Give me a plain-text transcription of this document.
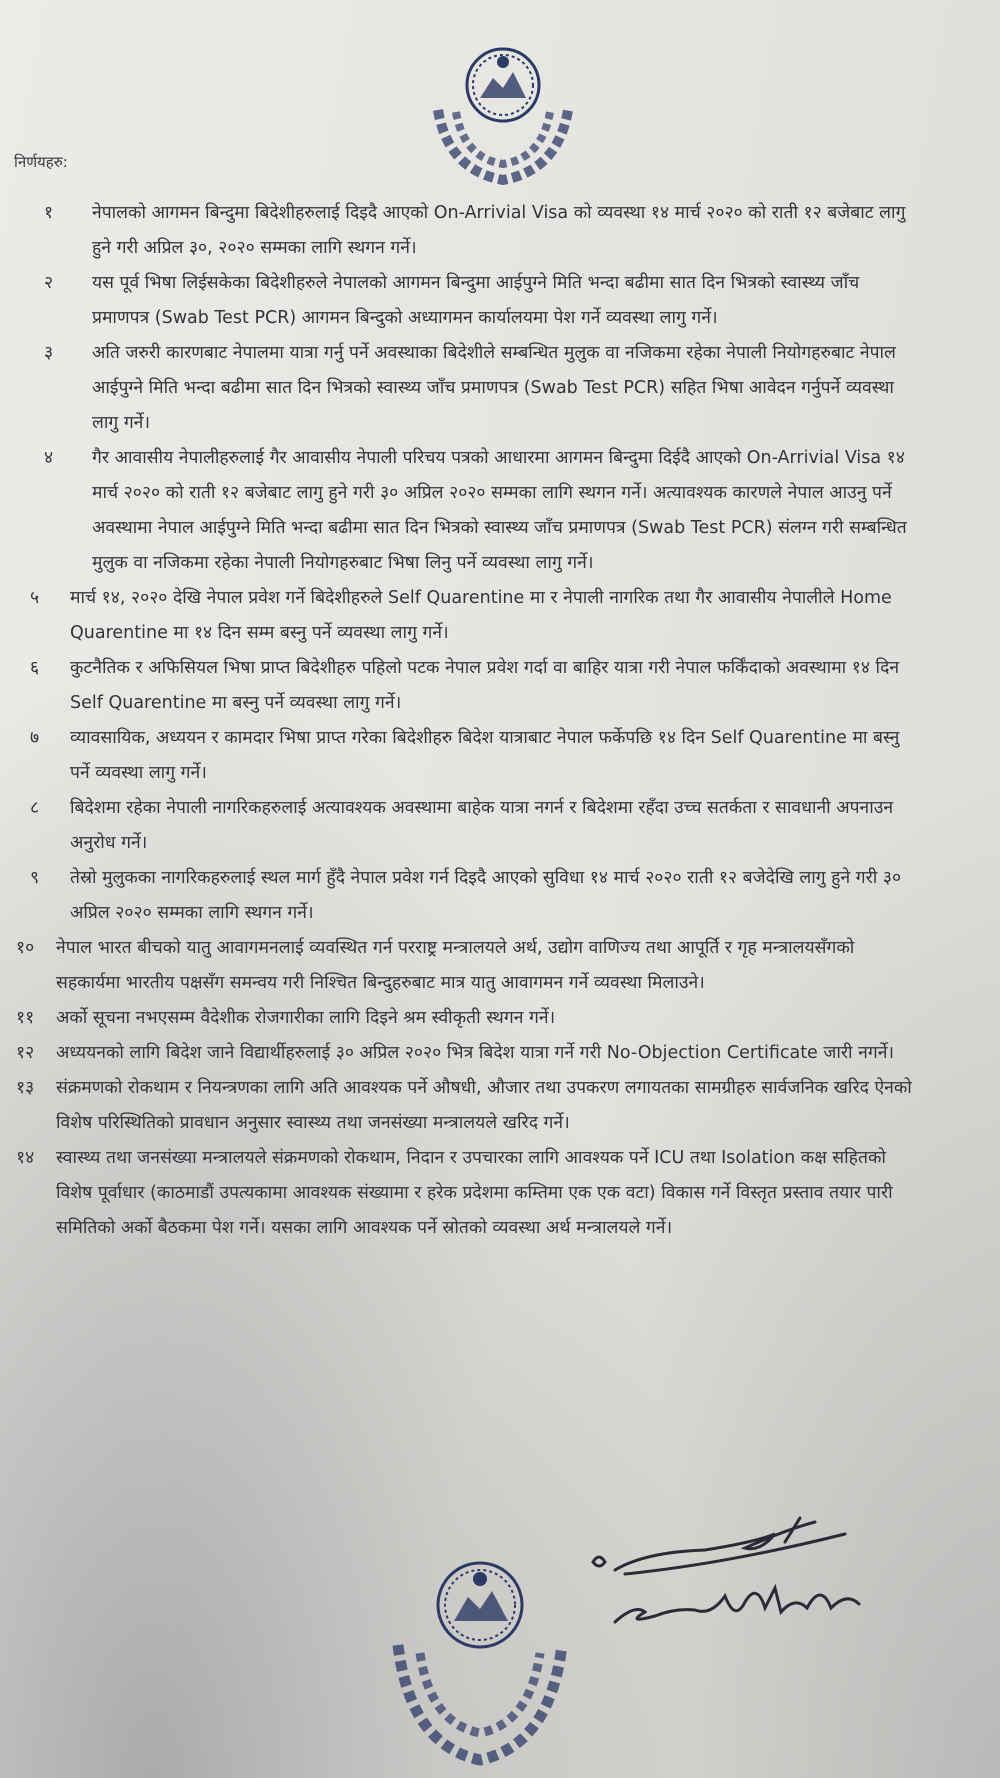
निर्णयहरु:
१	नेपालको आगमन बिन्दुमा बिदेशीहरुलाई दिइदै आएको On-Arrivial Visa को व्यवस्था १४ मार्च २०२० को राती १२ बजेबाट लागु हुने गरी अप्रिल ३०, २०२० सम्मका लागि स्थगन गर्ने।
२	यस पूर्व भिषा लिईसकेका बिदेशीहरुले नेपालको आगमन बिन्दुमा आईपुग्ने मिति भन्दा बढीमा सात दिन भित्रको स्वास्थ्य जाँच प्रमाणपत्र (Swab Test PCR) आगमन बिन्दुको अध्यागमन कार्यालयमा पेश गर्ने व्यवस्था लागु गर्ने।
३	अति जरुरी कारणबाट नेपालमा यात्रा गर्नु पर्ने अवस्थाका बिदेशीले सम्बन्धित मुलुक वा नजिकमा रहेका नेपाली नियोगहरुबाट नेपाल आईपुग्ने मिति भन्दा बढीमा सात दिन भित्रको स्वास्थ्य जाँच प्रमाणपत्र (Swab Test PCR) सहित भिषा आवेदन गर्नुपर्ने व्यवस्था लागु गर्ने।
४	गैर आवासीय नेपालीहरुलाई गैर आवासीय नेपाली परिचय पत्रको आधारमा आगमन बिन्दुमा दिईदै आएको On-Arrivial Visa १४ मार्च २०२० को राती १२ बजेबाट लागु हुने गरी ३० अप्रिल २०२० सम्मका लागि स्थगन गर्ने। अत्यावश्यक कारणले नेपाल आउनु पर्ने अवस्थामा नेपाल आईपुग्ने मिति भन्दा बढीमा सात दिन भित्रको स्वास्थ्य जाँच प्रमाणपत्र (Swab Test PCR) संलग्न गरी सम्बन्धित मुलुक वा नजिकमा रहेका नेपाली नियोगहरुबाट भिषा लिनु पर्ने व्यवस्था लागु गर्ने।
५	मार्च १४, २०२० देखि नेपाल प्रवेश गर्ने बिदेशीहरुले Self Quarentine मा र नेपाली नागरिक तथा गैर आवासीय नेपालीले Home Quarentine मा १४ दिन सम्म बस्नु पर्ने व्यवस्था लागु गर्ने।
६	कुटनैतिक र अफिसियल भिषा प्राप्त बिदेशीहरु पहिलो पटक नेपाल प्रवेश गर्दा वा बाहिर यात्रा गरी नेपाल फर्किंदाको अवस्थामा १४ दिन Self Quarentine मा बस्नु पर्ने व्यवस्था लागु गर्ने।
७	व्यावसायिक, अध्ययन र कामदार भिषा प्राप्त गरेका बिदेशीहरु बिदेश यात्राबाट नेपाल फर्केपछि १४ दिन Self Quarentine मा बस्नु पर्ने व्यवस्था लागु गर्ने।
८	बिदेशमा रहेका नेपाली नागरिकहरुलाई अत्यावश्यक अवस्थामा बाहेक यात्रा नगर्न र बिदेशमा रहँदा उच्च सतर्कता र सावधानी अपनाउन अनुरोध गर्ने।
९	तेस्रो मुलुकका नागरिकहरुलाई स्थल मार्ग हुँदै नेपाल प्रवेश गर्न दिइदै आएको सुविधा १४ मार्च २०२० राती १२ बजेदेखि लागु हुने गरी ३० अप्रिल २०२० सम्मका लागि स्थगन गर्ने।
१०	नेपाल भारत बीचको यातु आवागमनलाई व्यवस्थित गर्न परराष्ट्र मन्त्रालयले अर्थ, उद्योग वाणिज्य तथा आपूर्ति र गृह मन्त्रालयसँगको सहकार्यमा भारतीय पक्षसँग समन्वय गरी निश्चित बिन्दुहरुबाट मात्र यातु आवागमन गर्ने व्यवस्था मिलाउने।
११	अर्को सूचना नभएसम्म वैदेशीक रोजगारीका लागि दिइने श्रम स्वीकृती स्थगन गर्ने।
१२	अध्ययनको लागि बिदेश जाने विद्यार्थीहरुलाई ३० अप्रिल २०२० भित्र बिदेश यात्रा गर्ने गरी No-Objection Certificate जारी नगर्ने।
१३	संक्रमणको रोकथाम र नियन्त्रणका लागि अति आवश्यक पर्ने औषधी, औजार तथा उपकरण लगायतका सामग्रीहरु सार्वजनिक खरिद ऐनको विशेष परिस्थितिको प्रावधान अनुसार स्वास्थ्य तथा जनसंख्या मन्त्रालयले खरिद गर्ने।
१४	स्वास्थ्य तथा जनसंख्या मन्त्रालयले संक्रमणको रोकथाम, निदान र उपचारका लागि आवश्यक पर्ने ICU तथा Isolation कक्ष सहितको विशेष पूर्वाधार (काठमाडौं उपत्यकामा आवश्यक संख्यामा र हरेक प्रदेशमा कम्तिमा एक एक वटा) विकास गर्ने विस्तृत प्रस्ताव तयार पारी समितिको अर्को बैठकमा पेश गर्ने। यसका लागि आवश्यक पर्ने स्रोतको व्यवस्था अर्थ मन्त्रालयले गर्ने।
